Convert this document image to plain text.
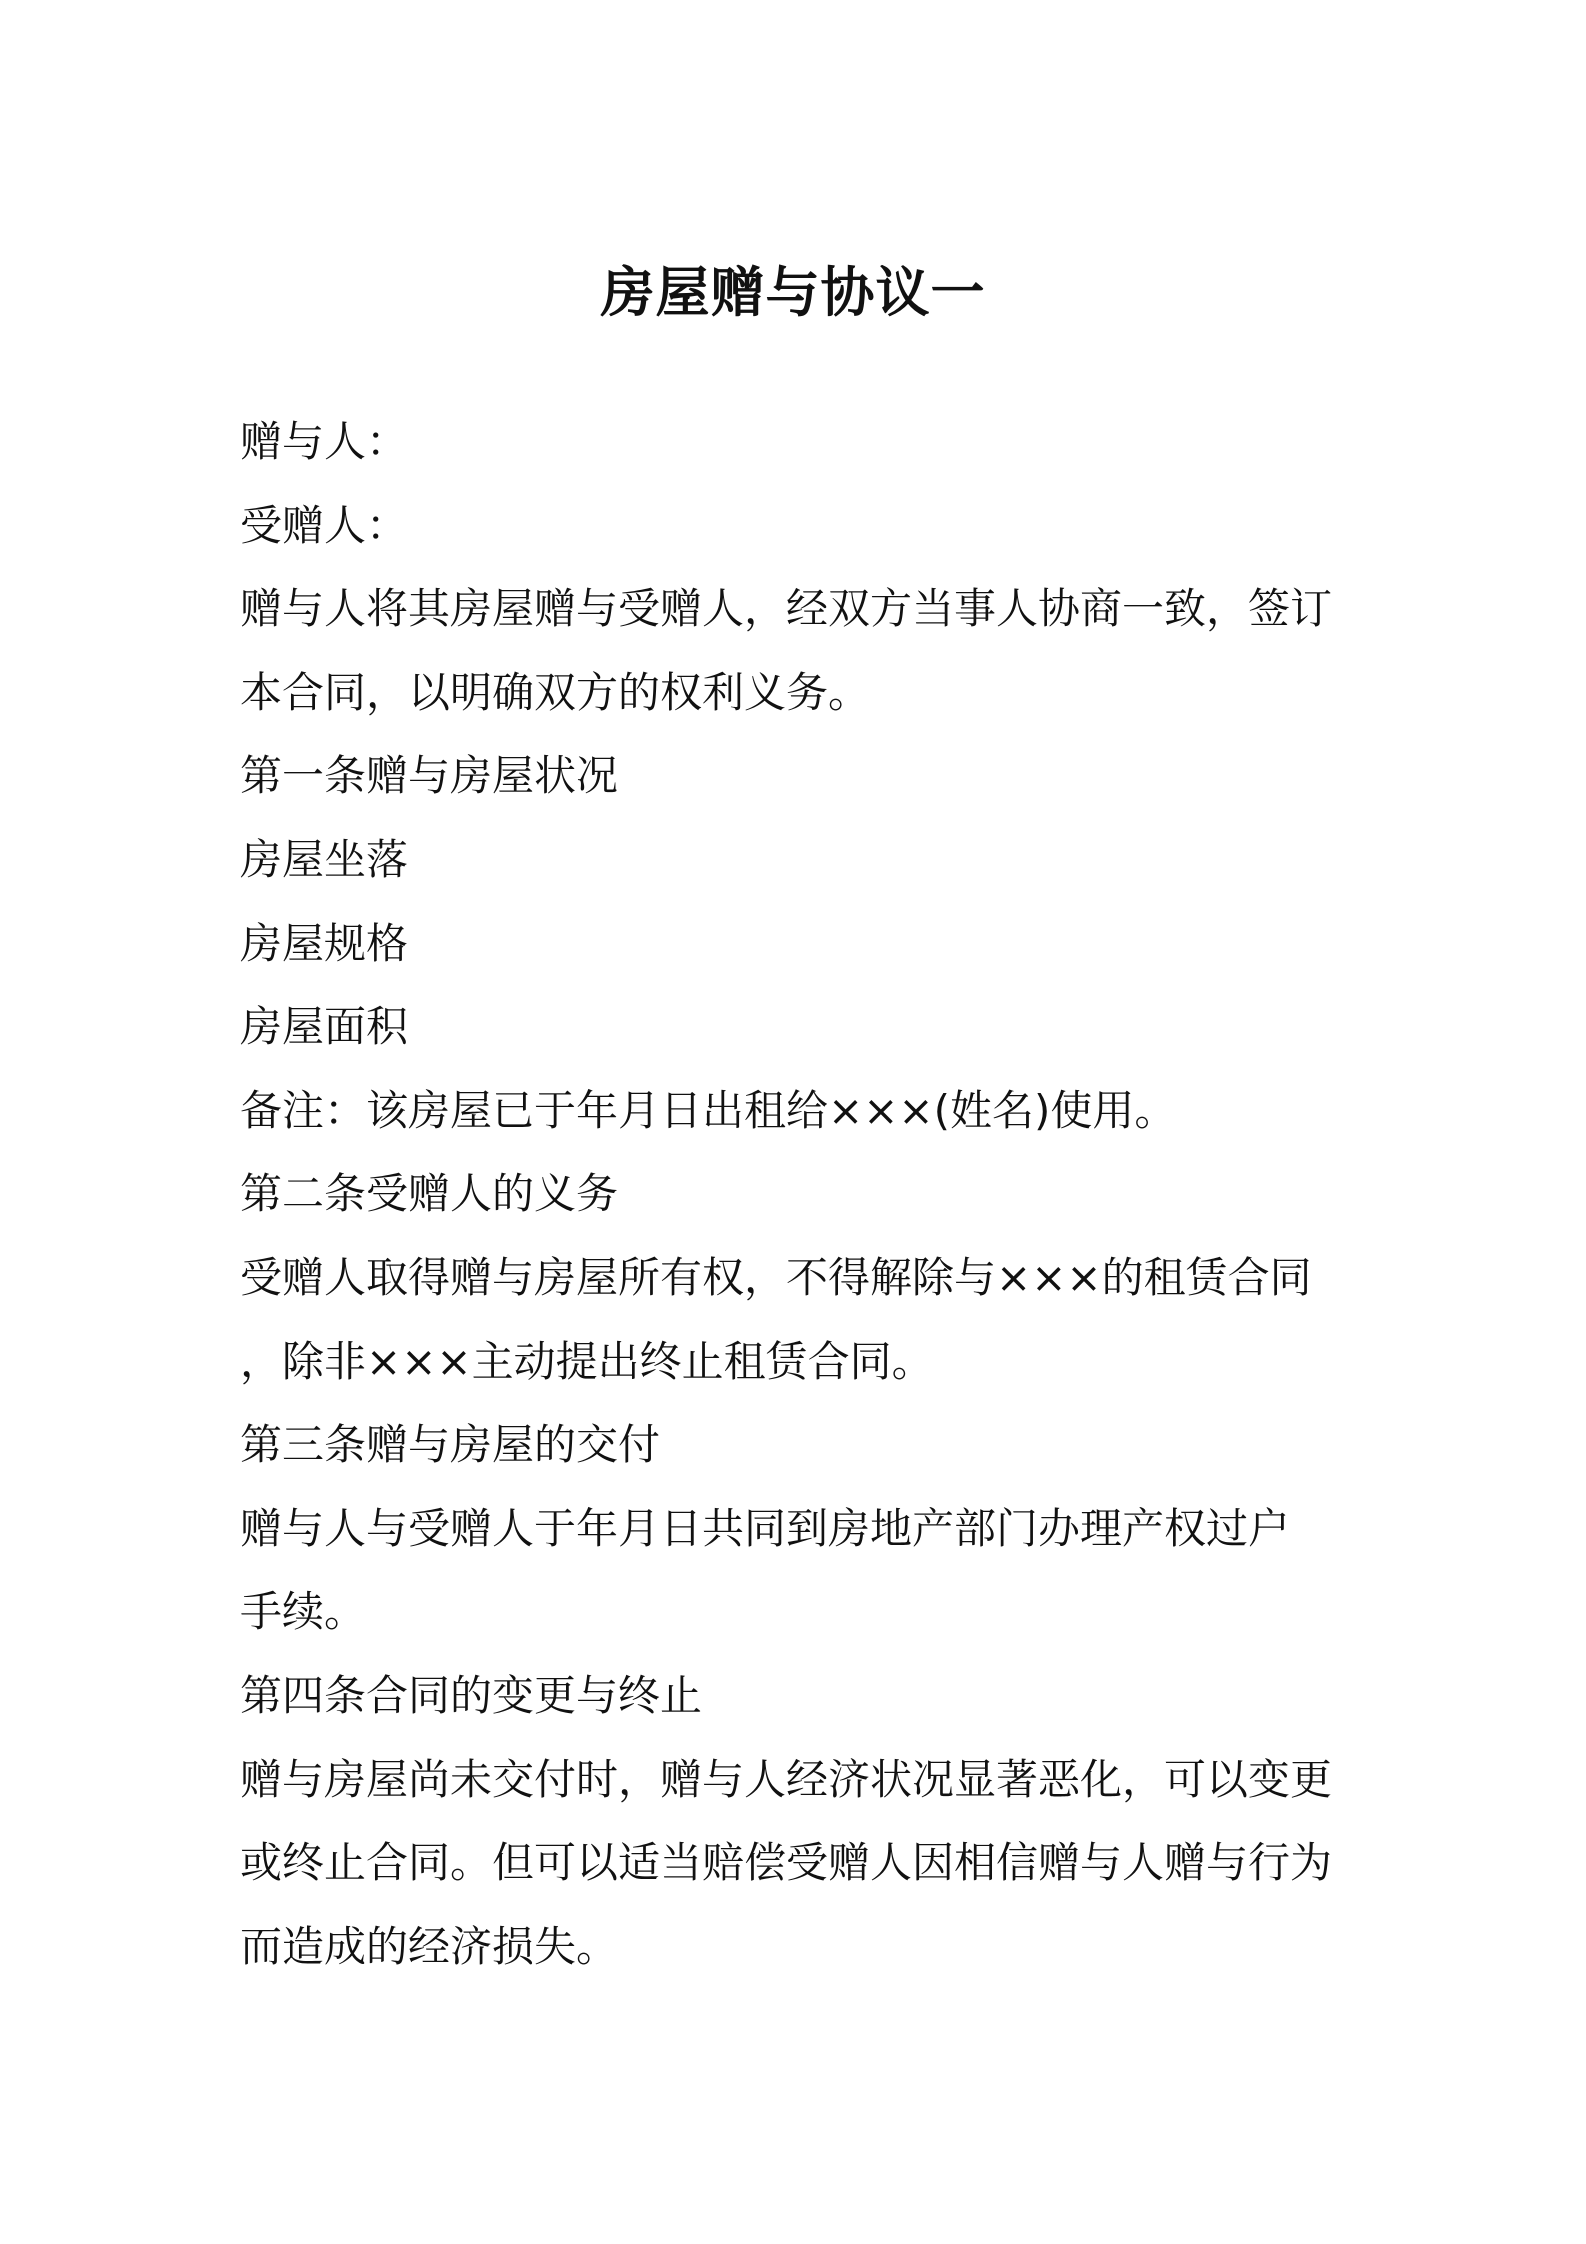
房屋赠与协议一

赠与人：

受赠人：

赠与人将其房屋赠与受赠人，经双方当事人协商一致，签订

本合同，以明确双方的权利义务。

第一条赠与房屋状况

房屋坐落

房屋规格

房屋面积

备注：该房屋已于年月日出租给×××(姓名)使用。

第二条受赠人的义务

受赠人取得赠与房屋所有权，不得解除与×××的租赁合同

，除非×××主动提出终止租赁合同。

第三条赠与房屋的交付

赠与人与受赠人于年月日共同到房地产部门办理产权过户

手续。

第四条合同的变更与终止

赠与房屋尚未交付时，赠与人经济状况显著恶化，可以变更

或终止合同。但可以适当赔偿受赠人因相信赠与人赠与行为

而造成的经济损失。
